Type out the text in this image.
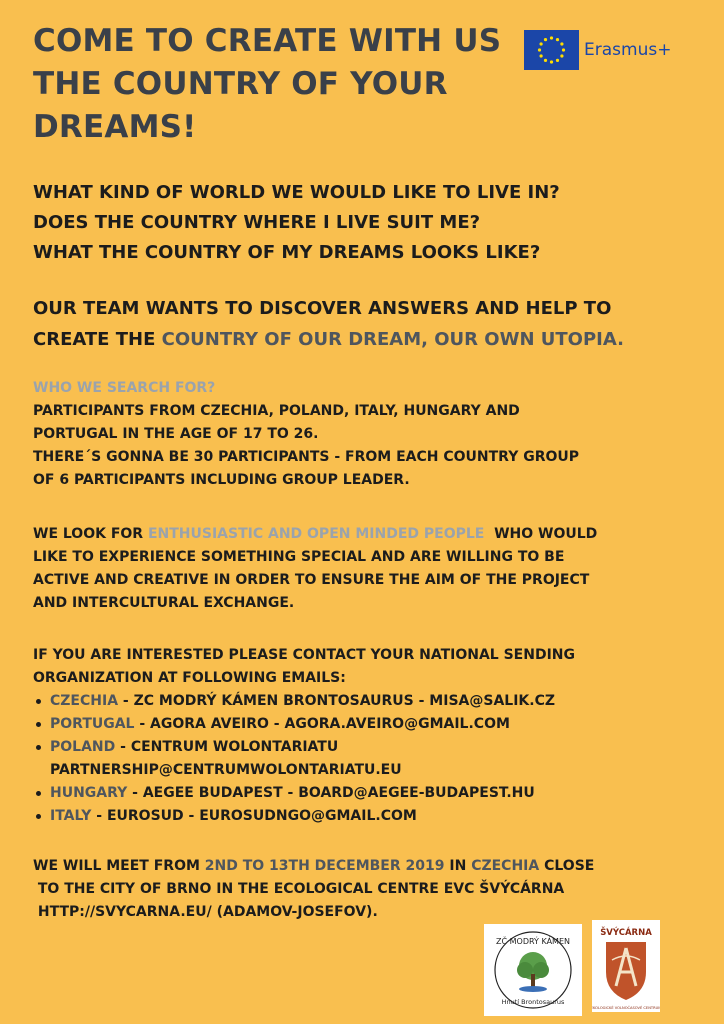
COME TO CREATE WITH US
THE COUNTRY OF YOUR
DREAMS!
Erasmus+
WHAT KIND OF WORLD WE WOULD LIKE TO LIVE IN?
DOES THE COUNTRY WHERE I LIVE SUIT ME?
WHAT THE COUNTRY OF MY DREAMS LOOKS LIKE?
OUR TEAM WANTS TO DISCOVER ANSWERS AND HELP TO
CREATE THE COUNTRY OF OUR DREAM, OUR OWN UTOPIA.
WHO WE SEARCH FOR?
PARTICIPANTS FROM CZECHIA, POLAND, ITALY, HUNGARY AND
PORTUGAL IN THE AGE OF 17 TO 26.
THERE´S GONNA BE 30 PARTICIPANTS - FROM EACH COUNTRY GROUP
OF 6 PARTICIPANTS INCLUDING GROUP LEADER.
WE LOOK FOR ENTHUSIASTIC AND OPEN MINDED PEOPLE  WHO WOULD
LIKE TO EXPERIENCE SOMETHING SPECIAL AND ARE WILLING TO BE
ACTIVE AND CREATIVE IN ORDER TO ENSURE THE AIM OF THE PROJECT
AND INTERCULTURAL EXCHANGE.
IF YOU ARE INTERESTED PLEASE CONTACT YOUR NATIONAL SENDING
ORGANIZATION AT FOLLOWING EMAILS:
CZECHIA - ZC MODRÝ KÁMEN BRONTOSAURUS - MISA@SALIK.CZ
PORTUGAL - AGORA AVEIRO - AGORA.AVEIRO@GMAIL.COM
POLAND - CENTRUM WOLONTARIATU
PARTNERSHIP@CENTRUMWOLONTARIATU.EU
HUNGARY - AEGEE BUDAPEST - BOARD@AEGEE-BUDAPEST.HU
ITALY - EUROSUD - EUROSUDNGO@GMAIL.COM
WE WILL MEET FROM 2ND TO 13TH DECEMBER 2019 IN CZECHIA CLOSE
TO THE CITY OF BRNO IN THE ECOLOGICAL CENTRE EVC ŠVÝCÁRNA
HTTP://SVYCARNA.EU/ (ADAMOV-JOSEFOV).
ZČ MODRÝ KÁMEN
Hnutí Brontosaurus
ŠVÝCÁRNA
EKOLOGICKÉ VOLNOČASOVÉ CENTRUM
